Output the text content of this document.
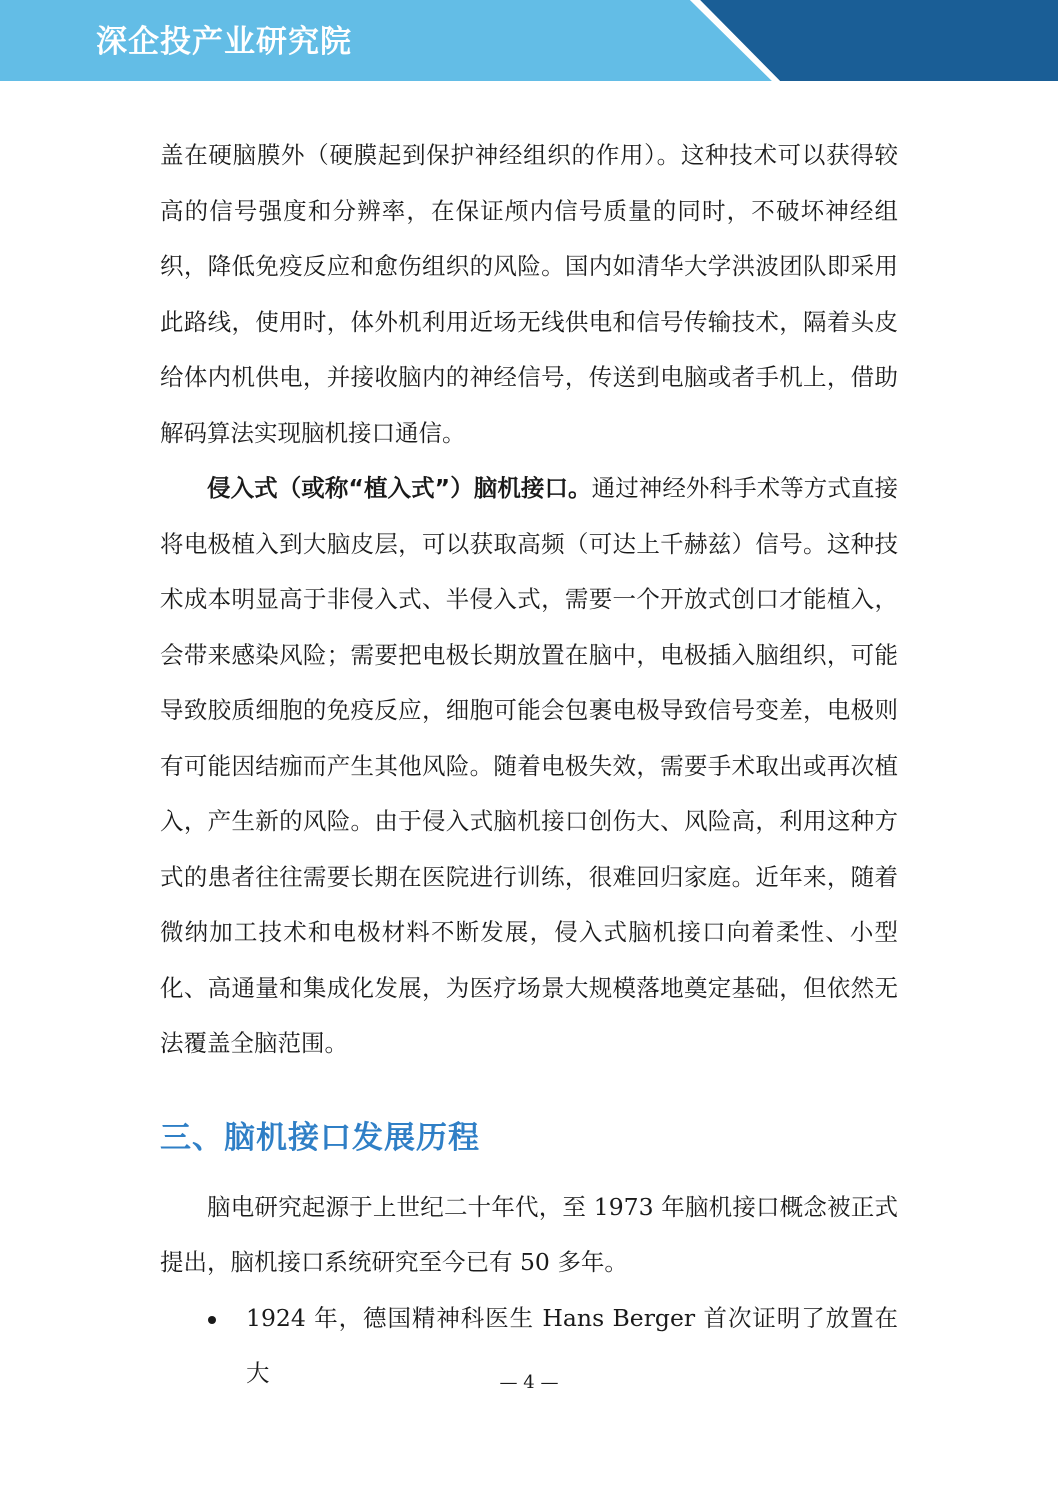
深企投产业研究院

盖在硬脑膜外（硬膜起到保护神经组织的作用）。这种技术可以获得较高的信号强度和分辨率，在保证颅内信号质量的同时，不破坏神经组织，降低免疫反应和愈伤组织的风险。国内如清华大学洪波团队即采用此路线，使用时，体外机利用近场无线供电和信号传输技术，隔着头皮给体内机供电，并接收脑内的神经信号，传送到电脑或者手机上，借助解码算法实现脑机接口通信。

侵入式（或称“植入式”）脑机接口。通过神经外科手术等方式直接将电极植入到大脑皮层，可以获取高频（可达上千赫兹）信号。这种技术成本明显高于非侵入式、半侵入式，需要一个开放式创口才能植入，会带来感染风险；需要把电极长期放置在脑中，电极插入脑组织，可能导致胶质细胞的免疫反应，细胞可能会包裹电极导致信号变差，电极则有可能因结痂而产生其他风险。随着电极失效，需要手术取出或再次植入，产生新的风险。由于侵入式脑机接口创伤大、风险高，利用这种方式的患者往往需要长期在医院进行训练，很难回归家庭。近年来，随着微纳加工技术和电极材料不断发展，侵入式脑机接口向着柔性、小型化、高通量和集成化发展，为医疗场景大规模落地奠定基础，但依然无法覆盖全脑范围。

三、脑机接口发展历程

脑电研究起源于上世纪二十年代，至 1973 年脑机接口概念被正式提出，脑机接口系统研究至今已有 50 多年。

1924 年，德国精神科医生 Hans Berger 首次证明了放置在大	— 4 —
